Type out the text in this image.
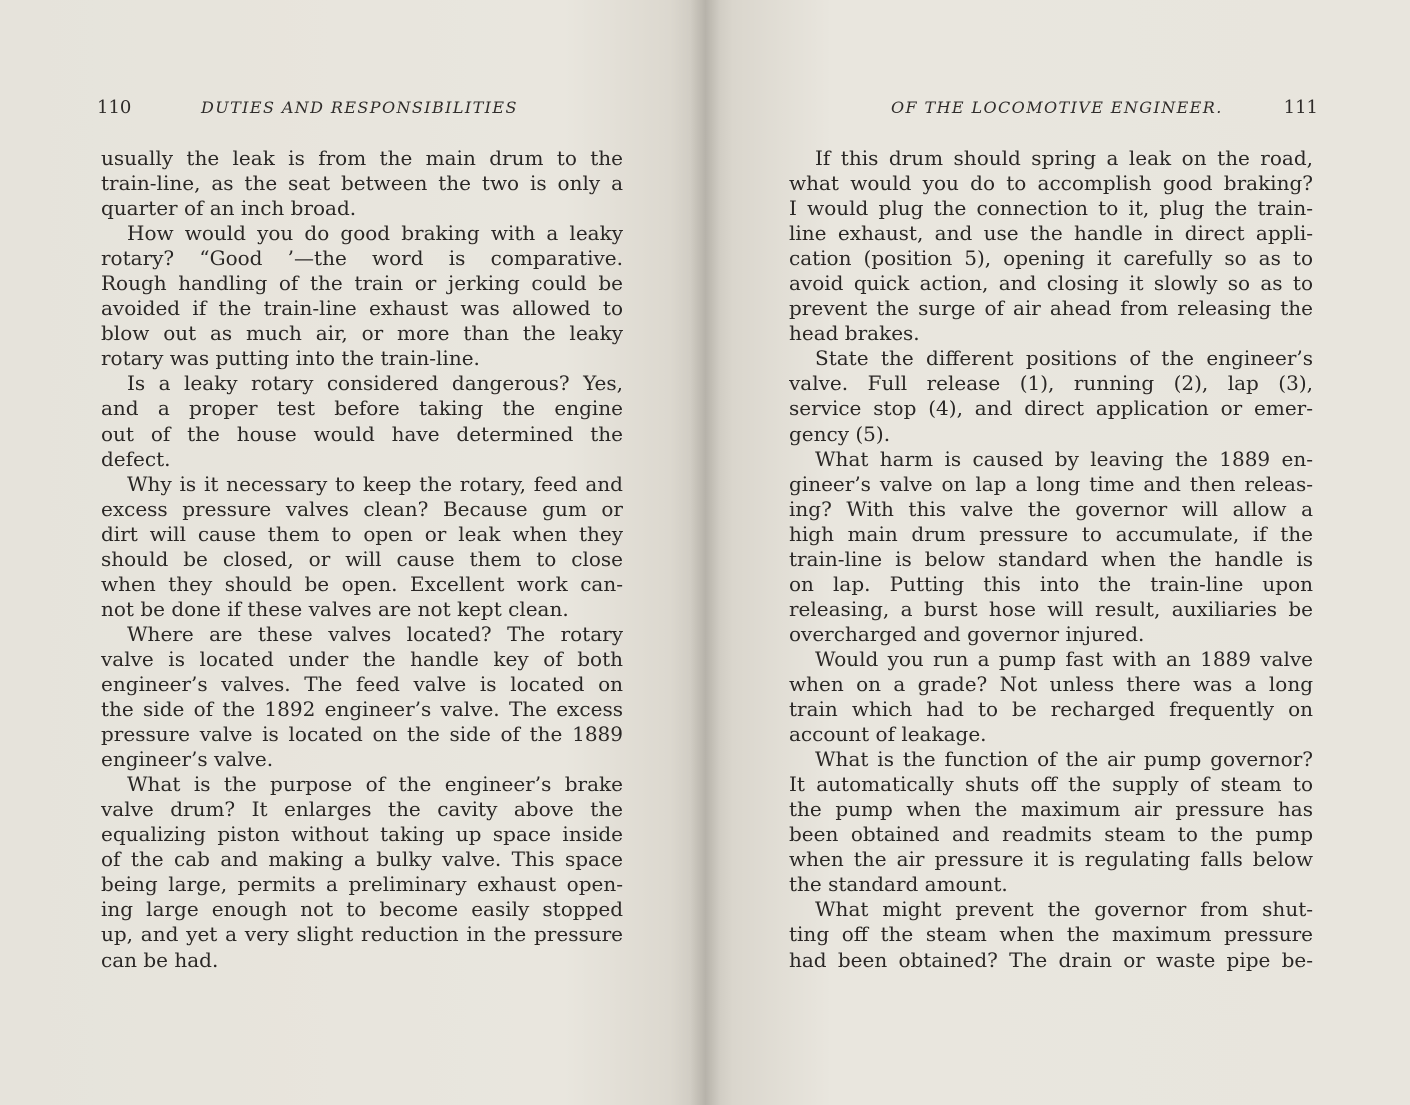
110	DUTIES AND RESPONSIBILITIES
usually the leak is from the main drum to the
train-line, as the seat between the two is only a
quarter of an inch broad.
How would you do good braking with a leaky
rotary? “Good ’—the word is comparative.
Rough handling of the train or jerking could be
avoided if the train-line exhaust was allowed to
blow out as much air, or more than the leaky
rotary was putting into the train-line.
Is a leaky rotary considered dangerous? Yes,
and a proper test before taking the engine
out of the house would have determined the
defect.
Why is it necessary to keep the rotary, feed and
excess pressure valves clean? Because gum or
dirt will cause them to open or leak when they
should be closed, or will cause them to close
when they should be open. Excellent work can-
not be done if these valves are not kept clean.
Where are these valves located? The rotary
valve is located under the handle key of both
engineer’s valves. The feed valve is located on
the side of the 1892 engineer’s valve. The excess
pressure valve is located on the side of the 1889
engineer’s valve.
What is the purpose of the engineer’s brake
valve drum? It enlarges the cavity above the
equalizing piston without taking up space inside
of the cab and making a bulky valve. This space
being large, permits a preliminary exhaust open-
ing large enough not to become easily stopped
up, and yet a very slight reduction in the pressure
can be had.
OF THE LOCOMOTIVE ENGINEER.	111
If this drum should spring a leak on the road,
what would you do to accomplish good braking?
I would plug the connection to it, plug the train-
line exhaust, and use the handle in direct appli-
cation (position 5), opening it carefully so as to
avoid quick action, and closing it slowly so as to
prevent the surge of air ahead from releasing the
head brakes.
State the different positions of the engineer’s
valve. Full release (1), running (2), lap (3),
service stop (4), and direct application or emer-
gency (5).
What harm is caused by leaving the 1889 en-
gineer’s valve on lap a long time and then releas-
ing? With this valve the governor will allow a
high main drum pressure to accumulate, if the
train-line is below standard when the handle is
on lap. Putting this into the train-line upon
releasing, a burst hose will result, auxiliaries be
overcharged and governor injured.
Would you run a pump fast with an 1889 valve
when on a grade? Not unless there was a long
train which had to be recharged frequently on
account of leakage.
What is the function of the air pump governor?
It automatically shuts off the supply of steam to
the pump when the maximum air pressure has
been obtained and readmits steam to the pump
when the air pressure it is regulating falls below
the standard amount.
What might prevent the governor from shut-
ting off the steam when the maximum pressure
had been obtained? The drain or waste pipe be-
